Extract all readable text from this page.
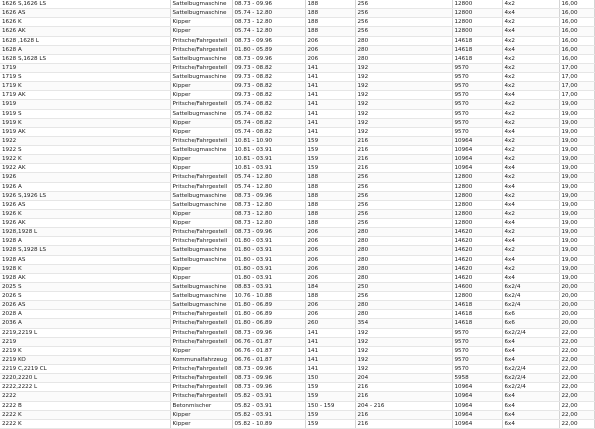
1626 S,1626 LS	Sattelbugmaschine	08.73 - 09.96	188	256	12800	4x2	16,00
1626 AS	Sattelbugmaschine	05.74 - 12.80	188	256	12800	4x4	16,00
1626 K	Kipper	08.73 - 12.80	188	256	12800	4x2	16,00
1626 AK	Kipper	05.74 - 12.80	188	256	12800	4x4	16,00
1628 ,1628 L	Pritsche/Fahrgestell	08.73 - 09.96	206	280	14618	4x2	16,00
1628 A	Pritsche/Fahrgestell	01.80 - 05.89	206	280	14618	4x4	16,00
1628 S,1628 LS	Sattelbugmaschine	08.73 - 09.96	206	280	14618	4x2	16,00
1719	Pritsche/Fahrgestell	09.73 - 08.82	141	192	9570	4x2	17,00
1719 S	Sattelbugmaschine	09.73 - 08.82	141	192	9570	4x2	17,00
1719 K	Kipper	09.73 - 08.82	141	192	9570	4x2	17,00
1719 AK	Kipper	09.73 - 08.82	141	192	9570	4x4	17,00
1919	Pritsche/Fahrgestell	05.74 - 08.82	141	192	9570	4x2	19,00
1919 S	Sattelbugmaschine	05.74 - 08.82	141	192	9570	4x2	19,00
1919 K	Kipper	05.74 - 08.82	141	192	9570	4x2	19,00
1919 AK	Kipper	05.74 - 08.82	141	192	9570	4x4	19,00
1922	Pritsche/Fahrgestell	10.81 - 10.90	159	216	10964	4x2	19,00
1922 S	Sattelbugmaschine	10.81 - 03.91	159	216	10964	4x2	19,00
1922 K	Kipper	10.81 - 03.91	159	216	10964	4x2	19,00
1922 AK	Kipper	10.81 - 03.91	159	216	10964	4x4	19,00
1926	Pritsche/Fahrgestell	05.74 - 12.80	188	256	12800	4x2	19,00
1926 A	Pritsche/Fahrgestell	05.74 - 12.80	188	256	12800	4x4	19,00
1926 S,1926 LS	Sattelbugmaschine	08.73 - 09.96	188	256	12800	4x2	19,00
1926 AS	Sattelbugmaschine	08.73 - 12.80	188	256	12800	4x4	19,00
1926 K	Kipper	08.73 - 12.80	188	256	12800	4x2	19,00
1926 AK	Kipper	08.73 - 12.80	188	256	12800	4x4	19,00
1928,1928 L	Pritsche/Fahrgestell	08.73 - 09.96	206	280	14620	4x2	19,00
1928 A	Pritsche/Fahrgestell	01.80 - 03.91	206	280	14620	4x4	19,00
1928 S,1928 LS	Sattelbugmaschine	01.80 - 03.91	206	280	14620	4x2	19,00
1928 AS	Sattelbugmaschine	01.80 - 03.91	206	280	14620	4x4	19,00
1928 K	Kipper	01.80 - 03.91	206	280	14620	4x2	19,00
1928 AK	Kipper	01.80 - 03.91	206	280	14620	4x4	19,00
2025 S	Sattelbugmaschine	08.83 - 03.91	184	250	14600	6x2/4	20,00
2026 S	Sattelbugmaschine	10.76 - 10.88	188	256	12800	6x2/4	20,00
2026 AS	Sattelbugmaschine	01.80 - 06.89	206	280	14618	6x2/4	20,00
2028 A	Pritsche/Fahrgestell	01.80 - 06.89	206	280	14618	6x6	20,00
2036 A	Pritsche/Fahrgestell	01.80 - 06.89	260	354	14618	6x6	20,00
2219,2219 L	Pritsche/Fahrgestell	08.73 - 09.96	141	192	9570	6x2/2/4	22,00
2219	Pritsche/Fahrgestell	06.76 - 01.87	141	192	9570	6x4	22,00
2219 K	Kipper	06.76 - 01.87	141	192	9570	6x4	22,00
2219 KO	Kommunalfahrzeug	06.76 - 01.87	141	192	9570	6x4	22,00
2219 C,2219 CL	Pritsche/Fahrgestell	08.73 - 09.96	141	192	9570	6x2/2/4	22,00
2220,2220 L	Pritsche/Fahrgestell	08.73 - 09.96	150	204	5958	6x2/2/4	22,00
2222,2222 L	Pritsche/Fahrgestell	08.73 - 09.96	159	216	10964	6x2/2/4	22,00
2222	Pritsche/Fahrgestell	05.82 - 03.91	159	216	10964	6x4	22,00
2222 B	Betonmischer	05.82 - 03.91	150 - 159	204 - 216	10964	6x4	22,00
2222 K	Kipper	05.82 - 03.91	159	216	10964	6x4	22,00
2222 K	Kipper	05.82 - 10.89	159	216	10964	6x4	22,00
